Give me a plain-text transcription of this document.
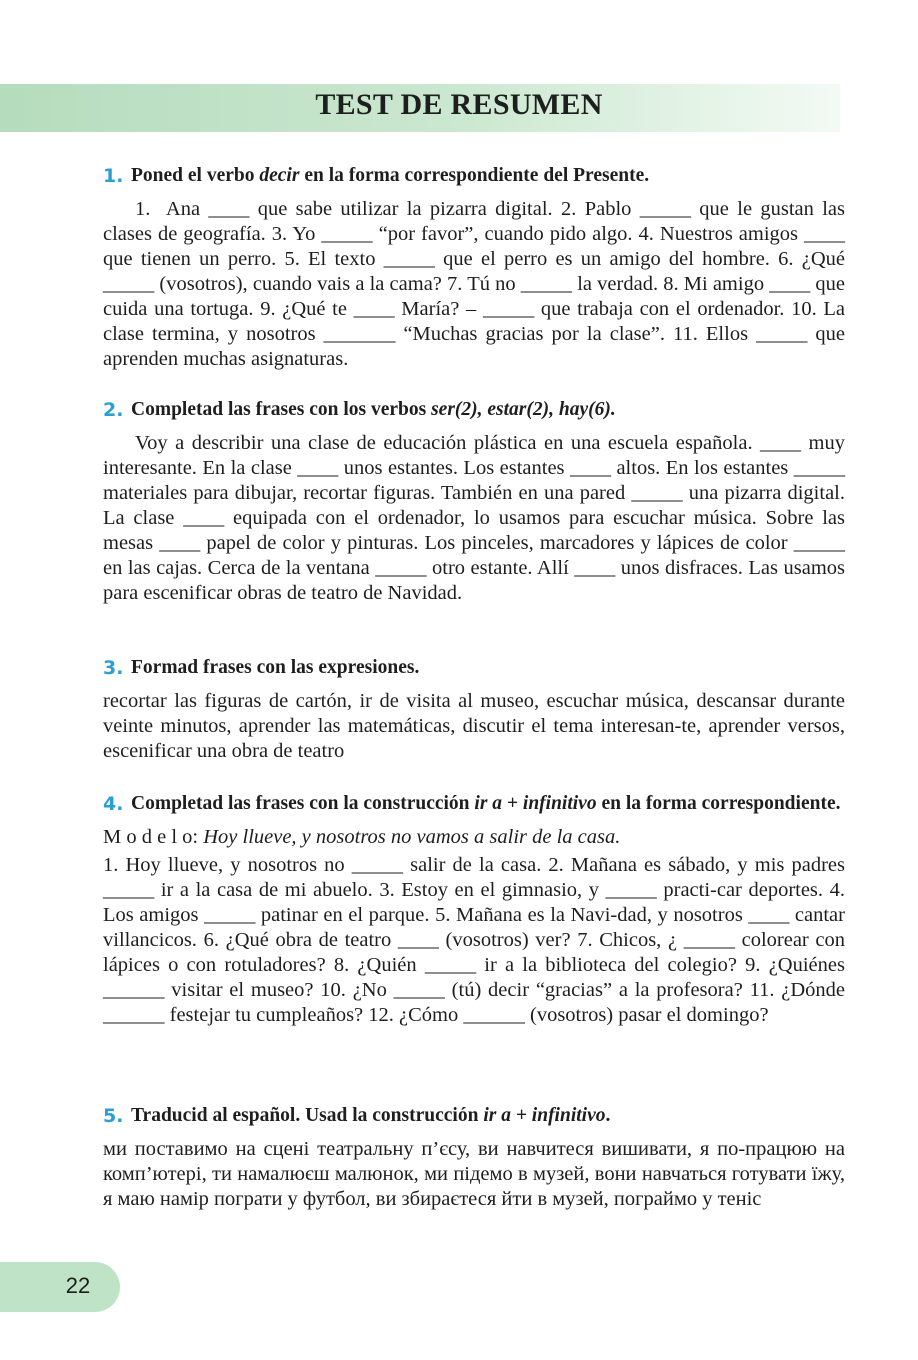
TEST DE RESUMEN
1. Poned el verbo decir en la forma correspondiente del Presente.
1.  Ana ____ que sabe utilizar la pizarra digital. 2. Pablo _____ que le gustan las clases de geografía. 3. Yo _____ “por favor”, cuando pido algo. 4. Nuestros amigos ____ que tienen un perro. 5. El texto _____ que el perro es un amigo del hombre. 6. ¿Qué _____ (vosotros), cuando vais a la cama? 7. Tú no _____ la verdad. 8. Mi amigo ____ que cuida una tortuga. 9. ¿Qué te ____ María? – _____ que trabaja con el ordenador. 10. La clase termina, y nosotros _______ “Muchas gracias por la clase”. 11. Ellos _____ que aprenden muchas asignaturas.
2. Completad las frases con los verbos ser(2), estar(2), hay(6).
Voy a describir una clase de educación plástica en una escuela española. ____ muy interesante. En la clase ____ unos estantes. Los estantes ____ altos. En los estantes _____ materiales para dibujar, recortar figuras. También en una pared _____ una pizarra digital. La clase ____ equipada con el ordenador, lo usamos para escuchar música. Sobre las mesas ____ papel de color y pinturas. Los pinceles, marcadores y lápices de color _____ en las cajas. Cerca de la ventana _____ otro estante. Allí ____ unos disfraces. Las usamos para escenificar obras de teatro de Navidad.
3. Formad frases con las expresiones.
recortar las figuras de cartón, ir de visita al museo, escuchar música, descansar durante veinte minutos, aprender las matemáticas, discutir el tema interesan-te, aprender versos, escenificar una obra de teatro
4. Completad las frases con la construcción ir a + infinitivo en la forma correspondiente.
M o d e l o: Hoy llueve, y nosotros no vamos a salir de la casa.
1. Hoy llueve, y nosotros no _____ salir de la casa. 2. Mañana es sábado, y mis padres _____ ir a la casa de mi abuelo. 3. Estoy en el gimnasio, y _____ practi-car deportes. 4. Los amigos _____ patinar en el parque. 5. Mañana es la Navi-dad, y nosotros ____ cantar villancicos. 6. ¿Qué obra de teatro ____ (vosotros) ver? 7. Chicos, ¿ _____ colorear con lápices o con rotuladores? 8. ¿Quién _____ ir a la biblioteca del colegio? 9. ¿Quiénes ______ visitar el museo? 10. ¿No _____ (tú) decir “gracias” a la profesora? 11. ¿Dónde ______ festejar tu cumpleaños? 12. ¿Cómo ______ (vosotros) pasar el domingo?
5. Traducid al español. Usad la construcción ir a + infinitivo.
ми поставимо на сцені театральну п’єсу, ви навчитеся вишивати, я по-працюю на комп’ютері, ти намалюєш малюнок, ми підемо в музей, вони навчаться готувати їжу, я маю намір пограти у футбол, ви збираєтеся йти в музей, пограймо у теніс
22
